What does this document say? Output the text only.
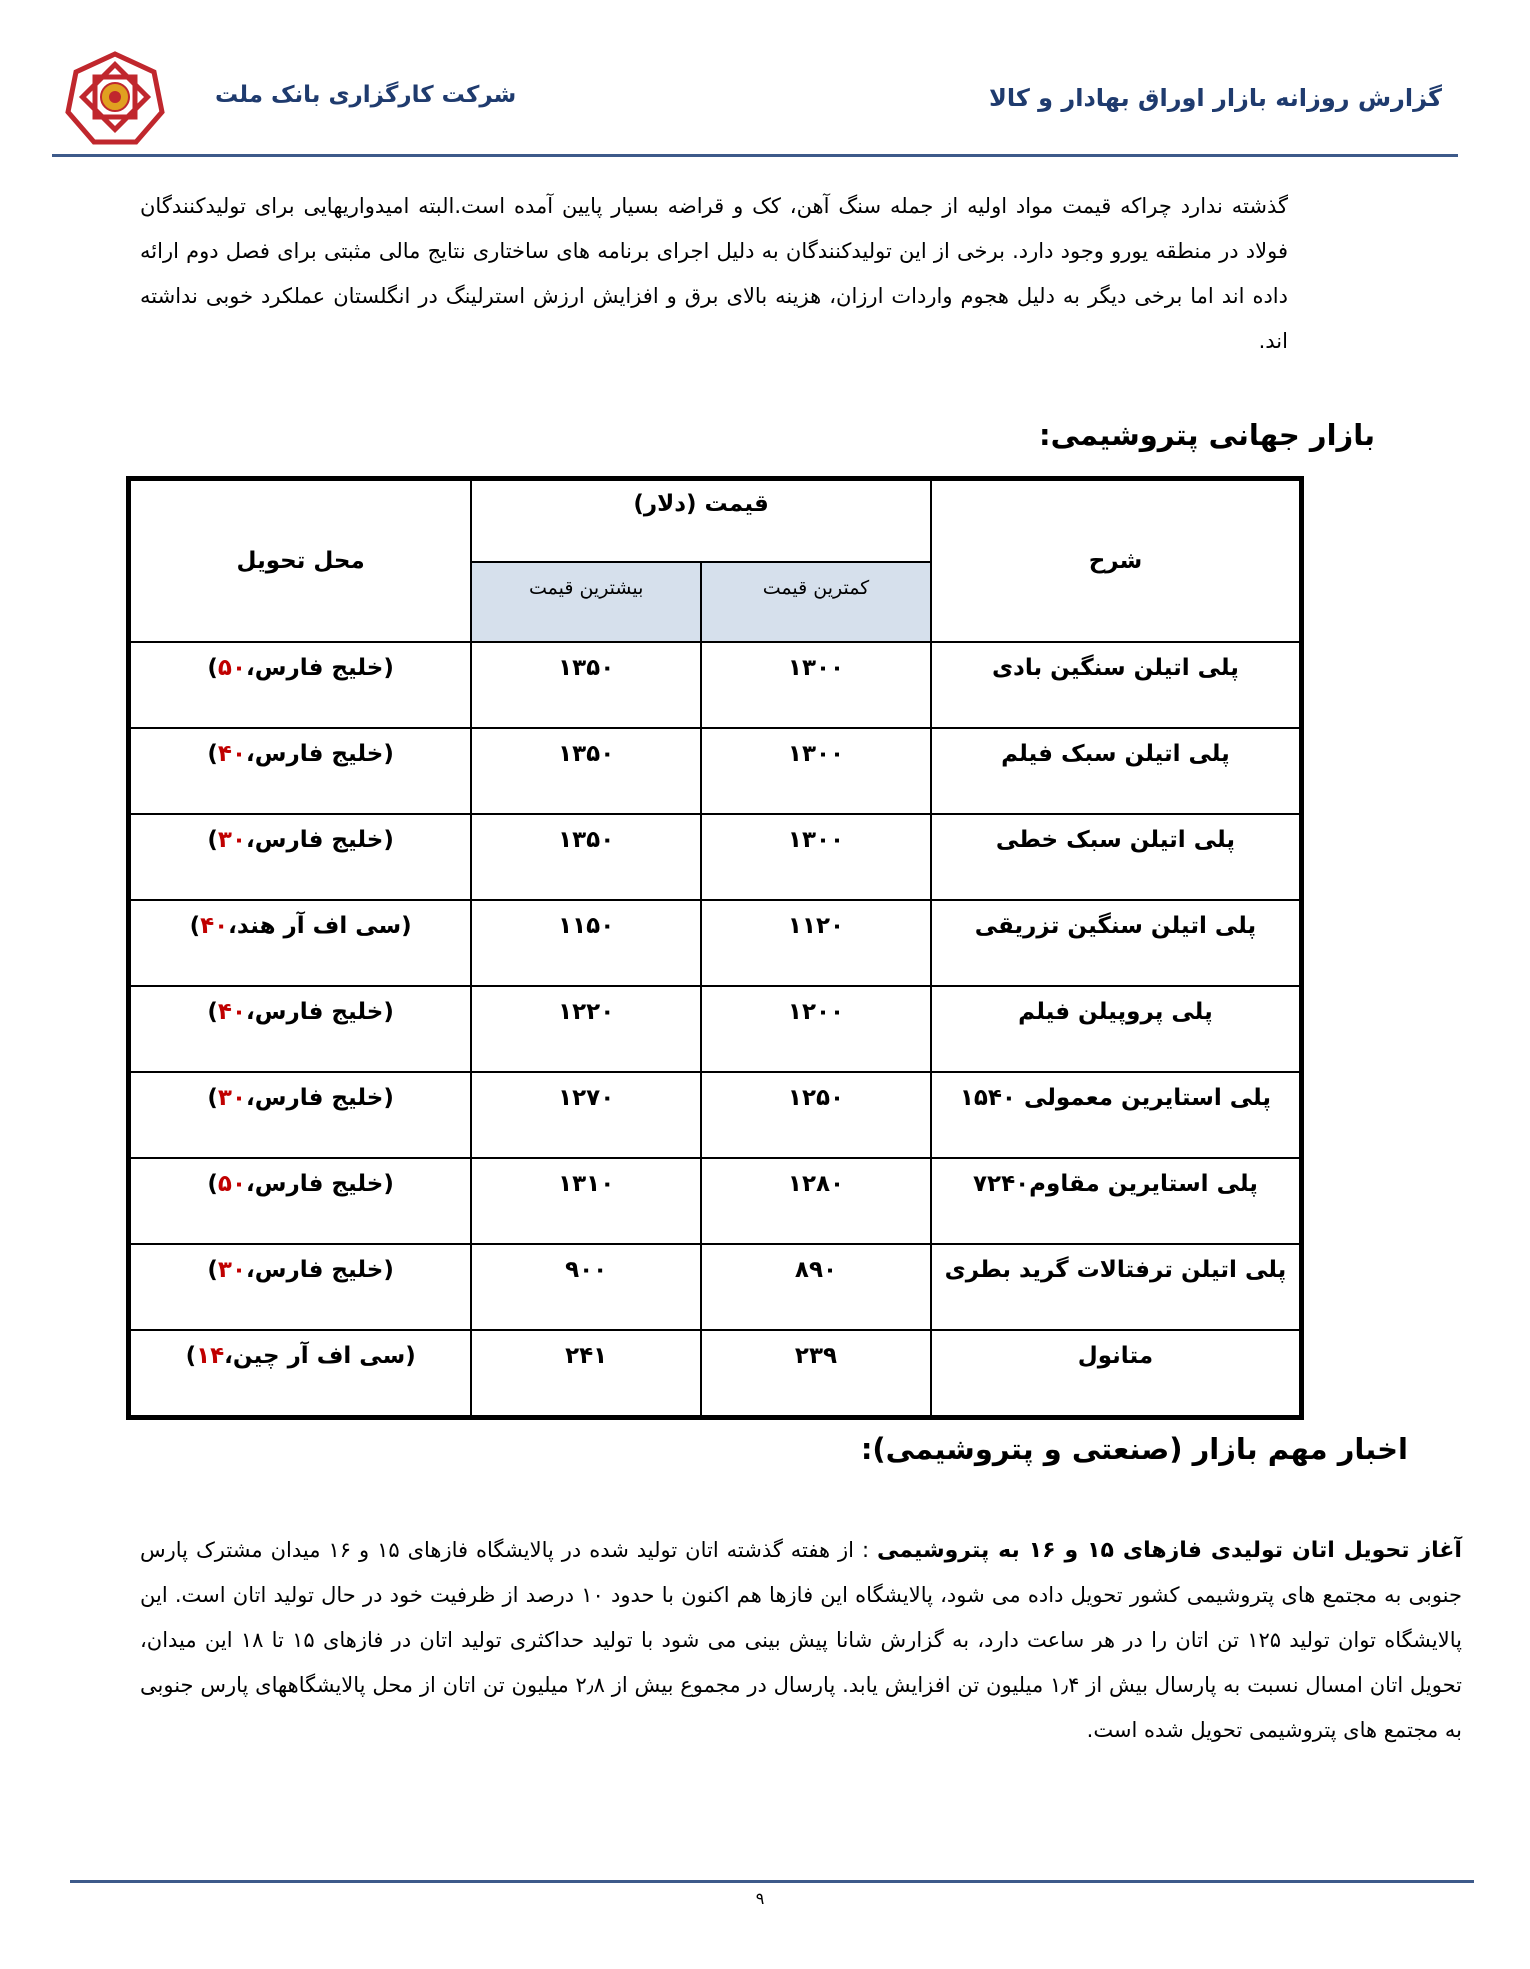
شرکت کارگزاری بانک ملت	گزارش روزانه بازار اوراق بهادار و کالا
گذشته ندارد چراکه قیمت مواد اولیه از جمله سنگ آهن، کک و قراضه بسیار پایین آمده است.البته امیدواریهایی برای تولیدکنندگان فولاد در منطقه یورو وجود دارد. برخی از این تولیدکنندگان به دلیل اجرای برنامه های ساختاری نتایج مالی مثبتی برای فصل دوم ارائه داده اند اما برخی دیگر به دلیل هجوم واردات ارزان، هزینه بالای برق و افزایش ارزش استرلینگ در انگلستان عملکرد خوبی نداشته اند.
بازار جهانی پتروشیمی:
شرح	قیمت (دلار)		محل تحویل
	کمترین قیمت	بیشترین قیمت	
پلی اتیلن سنگین بادی	۱۳۰۰	۱۳۵۰	(خلیج فارس،۵۰)
پلی اتیلن سبک فیلم	۱۳۰۰	۱۳۵۰	(خلیج فارس،۴۰)
پلی اتیلن سبک خطی	۱۳۰۰	۱۳۵۰	(خلیج فارس،۳۰)
پلی اتیلن سنگین تزریقی	۱۱۲۰	۱۱۵۰	(سی اف آر هند،۴۰)
پلی پروپیلن فیلم	۱۲۰۰	۱۲۲۰	(خلیج فارس،۴۰)
پلی استایرین معمولی ۱۵۴۰	۱۲۵۰	۱۲۷۰	(خلیج فارس،۳۰)
پلی استایرین مقاوم۷۲۴۰	۱۲۸۰	۱۳۱۰	(خلیج فارس،۵۰)
پلی اتیلن ترفتالات گرید بطری	۸۹۰	۹۰۰	(خلیج فارس،۳۰)
متانول	۲۳۹	۲۴۱	(سی اف آر چین،۱۴)
اخبار مهم بازار (صنعتی و پتروشیمی):
آغاز تحویل اتان تولیدی فازهای ۱۵ و ۱۶ به پتروشیمی : از هفته گذشته اتان تولید شده در پالایشگاه فازهای ۱۵ و ۱۶ میدان مشترک پارس جنوبی به مجتمع های پتروشیمی کشور تحویل داده می شود، پالایشگاه این فازها هم اکنون با حدود ۱۰ درصد از ظرفیت خود در حال تولید اتان است. این پالایشگاه توان تولید ۱۲۵ تن اتان را در هر ساعت دارد، به گزارش شانا پیش بینی می شود با تولید حداکثری تولید اتان در فازهای ۱۵ تا ۱۸ این میدان، تحویل اتان امسال نسبت به پارسال بیش از ۱٫۴ میلیون تن افزایش یابد. پارسال در مجموع بیش از ۲٫۸ میلیون تن اتان از محل پالایشگاههای پارس جنوبی به مجتمع های پتروشیمی تحویل شده است.
۹
